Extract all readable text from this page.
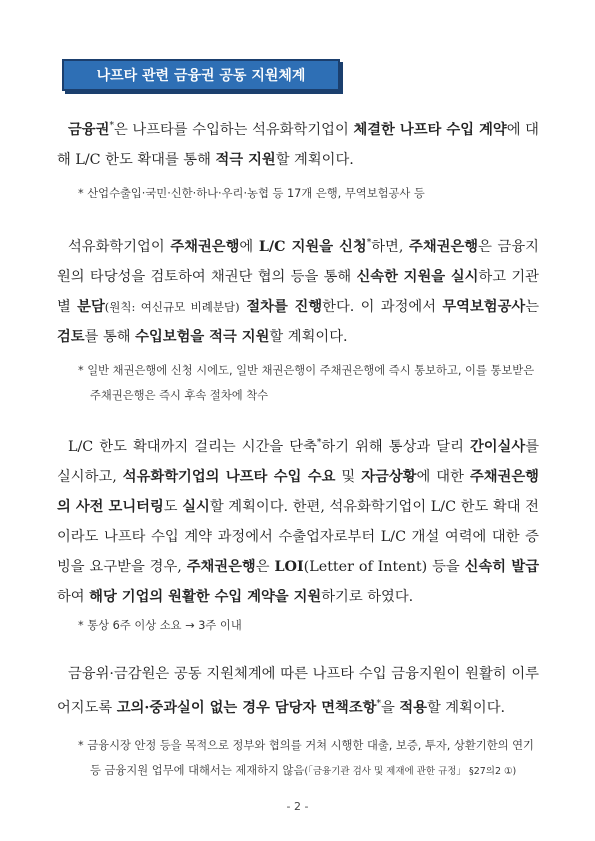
나프타 관련 금융권 공동 지원체계
금융권*은 나프타를 수입하는 석유화학기업이 체결한 나프타 수입 계약에 대해 L/C 한도 확대를 통해 적극 지원할 계획이다.
* 산업수출입·국민·신한·하나·우리·농협 등 17개 은행, 무역보험공사 등
석유화학기업이 주채권은행에 L/C 지원을 신청*하면, 주채권은행은 금융지원의 타당성을 검토하여 채권단 협의 등을 통해 신속한 지원을 실시하고 기관별 분담(원칙: 여신규모 비례분담) 절차를 진행한다. 이 과정에서 무역보험공사는 검토를 통해 수입보험을 적극 지원할 계획이다.
* 일반 채권은행에 신청 시에도, 일반 채권은행이 주채권은행에 즉시 통보하고, 이를 통보받은 주채권은행은 즉시 후속 절차에 착수
L/C 한도 확대까지 걸리는 시간을 단축*하기 위해 통상과 달리 간이실사를 실시하고, 석유화학기업의 나프타 수입 수요 및 자금상황에 대한 주채권은행의 사전 모니터링도 실시할 계획이다. 한편, 석유화학기업이 L/C 한도 확대 전이라도 나프타 수입 계약 과정에서 수출업자로부터 L/C 개설 여력에 대한 증빙을 요구받을 경우, 주채권은행은 LOI(Letter of Intent) 등을 신속히 발급하여 해당 기업의 원활한 수입 계약을 지원하기로 하였다.
* 통상 6주 이상 소요 → 3주 이내
금융위·금감원은 공동 지원체계에 따른 나프타 수입 금융지원이 원활히 이루어지도록 고의·중과실이 없는 경우 담당자 면책조항*을 적용할 계획이다.
* 금융시장 안정 등을 목적으로 정부와 협의를 거쳐 시행한 대출, 보증, 투자, 상환기한의 연기 등 금융지원 업무에 대해서는 제재하지 않음(「금융기관 검사 및 제재에 관한 규정」 §27의2 ①)
- 2 -
